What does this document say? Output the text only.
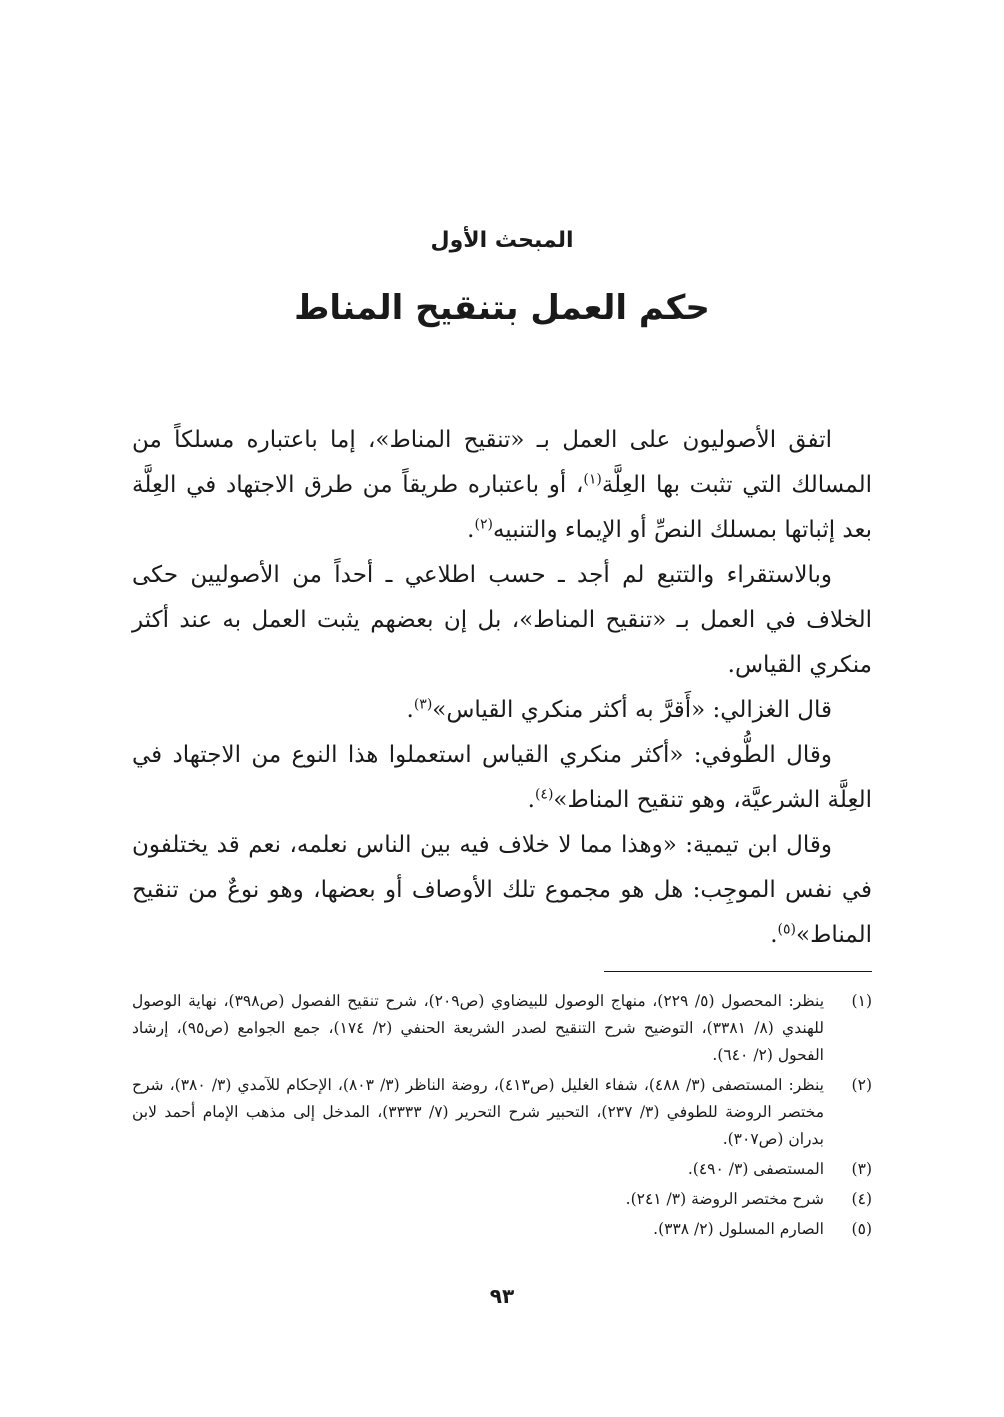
المبحث الأول
حكم العمل بتنقيح المناط

اتفق الأصوليون على العمل بـ «تنقيح المناط»، إما باعتباره مسلكاً من المسالك التي تثبت بها العِلَّة$^{(١)}$، أو باعتباره طريقاً من طرق الاجتهاد في العِلَّة بعد إثباتها بمسلك النصِّ أو الإيماء والتنبيه$^{(٢)}$.

وبالاستقراء والتتبع لم أجد ـ حسب اطلاعي ـ أحداً من الأصوليين حكى الخلاف في العمل بـ «تنقيح المناط»، بل إن بعضهم يثبت العمل به عند أكثر منكري القياس.

قال الغزالي: «أَقرَّ به أكثر منكري القياس»$^{(٣)}$.

وقال الطُّوفي: «أكثر منكري القياس استعملوا هذا النوع من الاجتهاد في العِلَّة الشرعيَّة، وهو تنقيح المناط»$^{(٤)}$.

وقال ابن تيمية: «وهذا مما لا خلاف فيه بين الناس نعلمه، نعم قد يختلفون في نفس الموجِب: هل هو مجموع تلك الأوصاف أو بعضها، وهو نوعٌ من تنقيح المناط»$^{(٥)}$.

(١)
ينظر: المحصول (٥/ ٢٢٩)، منهاج الوصول للبيضاوي (ص٢٠٩)، شرح تنقيح الفصول (ص٣٩٨)، نهاية الوصول للهندي (٨/ ٣٣٨١)، التوضيح شرح التنقيح لصدر الشريعة الحنفي (٢/ ١٧٤)، جمع الجوامع (ص٩٥)، إرشاد الفحول (٢/ ٦٤٠).
(٢)
ينظر: المستصفى (٣/ ٤٨٨)، شفاء الغليل (ص٤١٣)، روضة الناظر (٣/ ٨٠٣)، الإحكام للآمدي (٣/ ٣٨٠)، شرح مختصر الروضة للطوفي (٣/ ٢٣٧)، التحبير شرح التحرير (٧/ ٣٣٣٣)، المدخل إلى مذهب الإمام أحمد لابن بدران (ص٣٠٧).
(٣)
المستصفى (٣/ ٤٩٠).
(٤)
شرح مختصر الروضة (٣/ ٢٤١).
(٥)
الصارم المسلول (٢/ ٣٣٨).
٩٣
